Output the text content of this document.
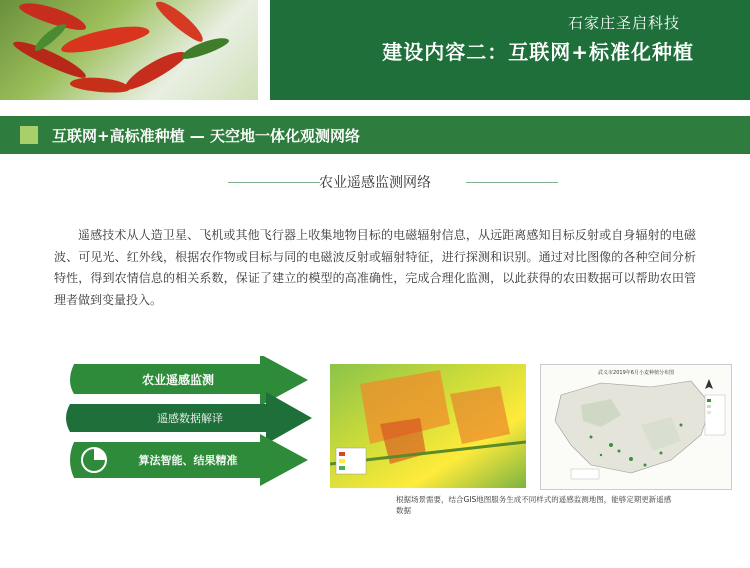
石家庄圣启科技
建设内容二：互联网+标准化种植
互联网+高标准种植 — 天空地一体化观测网络
农业遥感监测网络
遥感技术从人造卫星、飞机或其他飞行器上收集地物目标的电磁辐射信息，从远距离感知目标反射或自身辐射的电磁波、可见光、红外线，根据农作物或目标与同的电磁波反射或辐射特征，进行探测和识别。通过对比图像的各种空间分析特性，得到农情信息的相关系数，保证了建立的模型的高准确性，完成合理化监测，以此获得的农田数据可以帮助农田管理者做到变量投入。
农业遥感监测
遥感数据解译
算法智能、结果精准
武义市2019年6月小麦种植分布图
根据场景需要，结合GIS地图服务生成不同样式的遥感监测地图，能够定期更新遥感数据
